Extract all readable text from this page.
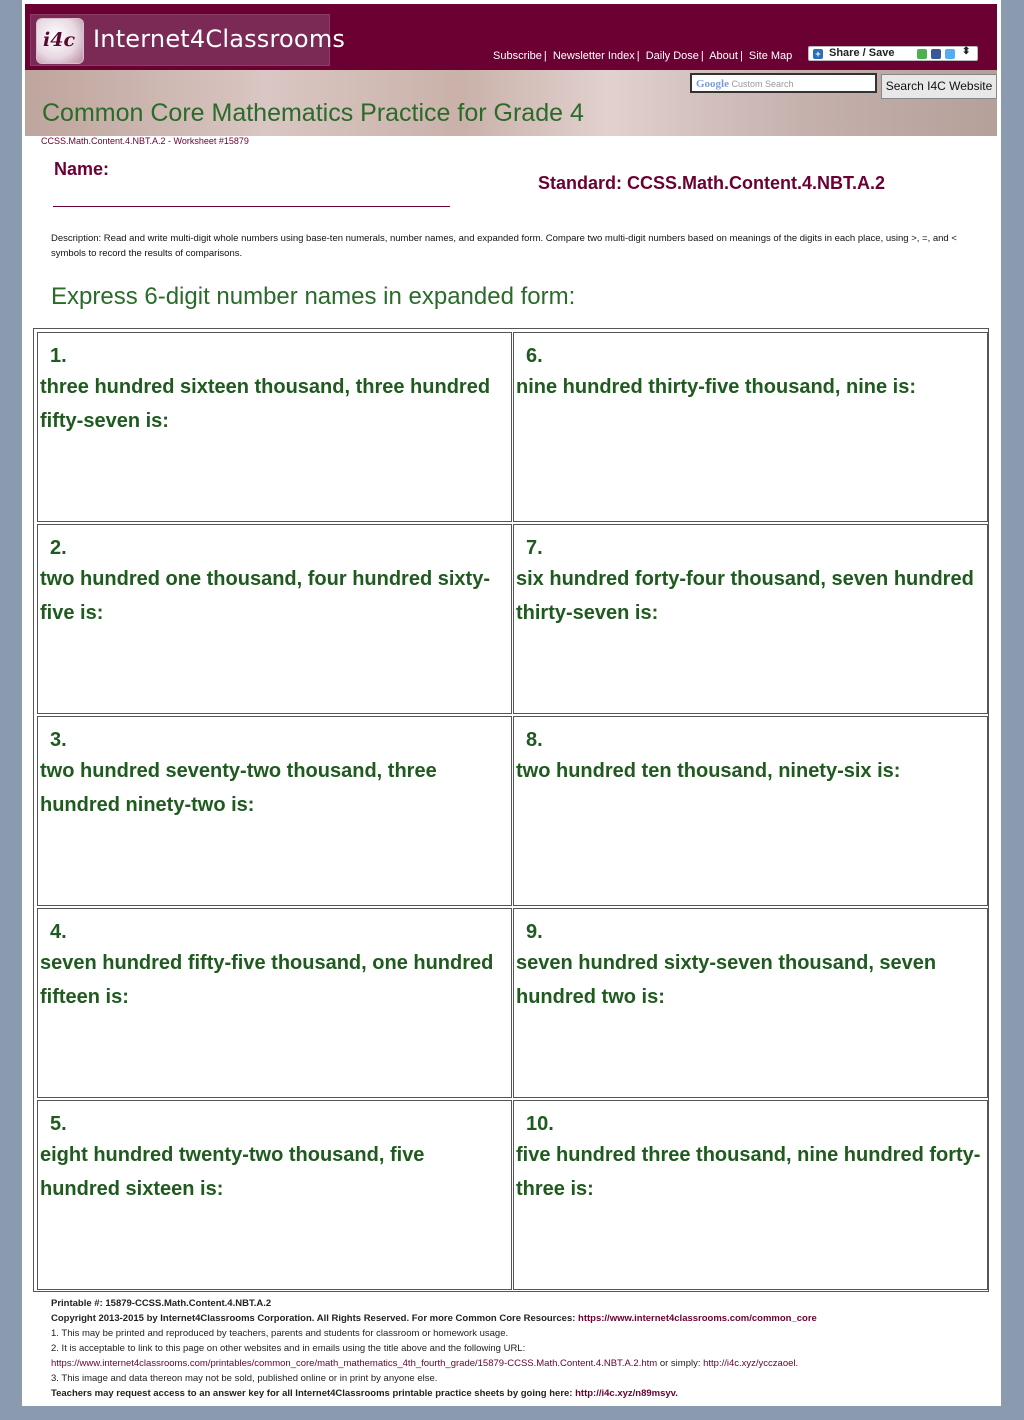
i4c Internet4Classrooms
Subscribe | Newsletter Index | Daily Dose | About | Site Map	+ Share / Save	⬍
Google Custom Search	Search I4C Website
Common Core Mathematics Practice for Grade 4
CCSS.Math.Content.4.NBT.A.2 - Worksheet #15879
Name:
Standard: CCSS.Math.Content.4.NBT.A.2
Description: Read and write multi-digit whole numbers using base-ten numerals, number names, and expanded form. Compare two multi-digit numbers based on meanings of the digits in each place, using >, =, and < symbols to record the results of comparisons.
Express 6-digit number names in expanded form:
1.
three hundred sixteen thousand, three hundred fifty-seven is:
2.
two hundred one thousand, four hundred sixty-five is:
3.
two hundred seventy-two thousand, three hundred ninety-two is:
4.
seven hundred fifty-five thousand, one hundred fifteen is:
5.
eight hundred twenty-two thousand, five hundred sixteen is:
6.
nine hundred thirty-five thousand, nine is:
7.
six hundred forty-four thousand, seven hundred thirty-seven is:
8.
two hundred ten thousand, ninety-six is:
9.
seven hundred sixty-seven thousand, seven hundred two is:
10.
five hundred three thousand, nine hundred forty-three is:
Printable #: 15879-CCSS.Math.Content.4.NBT.A.2
Copyright 2013-2015 by Internet4Classrooms Corporation. All Rights Reserved. For more Common Core Resources: https://www.internet4classrooms.com/common_core
1. This may be printed and reproduced by teachers, parents and students for classroom or homework usage.
2. It is acceptable to link to this page on other websites and in emails using the title above and the following URL:
https://www.internet4classrooms.com/printables/common_core/math_mathematics_4th_fourth_grade/15879-CCSS.Math.Content.4.NBT.A.2.htm or simply: http://i4c.xyz/ycczaoel.
3. This image and data thereon may not be sold, published online or in print by anyone else.
Teachers may request access to an answer key for all Internet4Classrooms printable practice sheets by going here: http://i4c.xyz/n89msyv.
